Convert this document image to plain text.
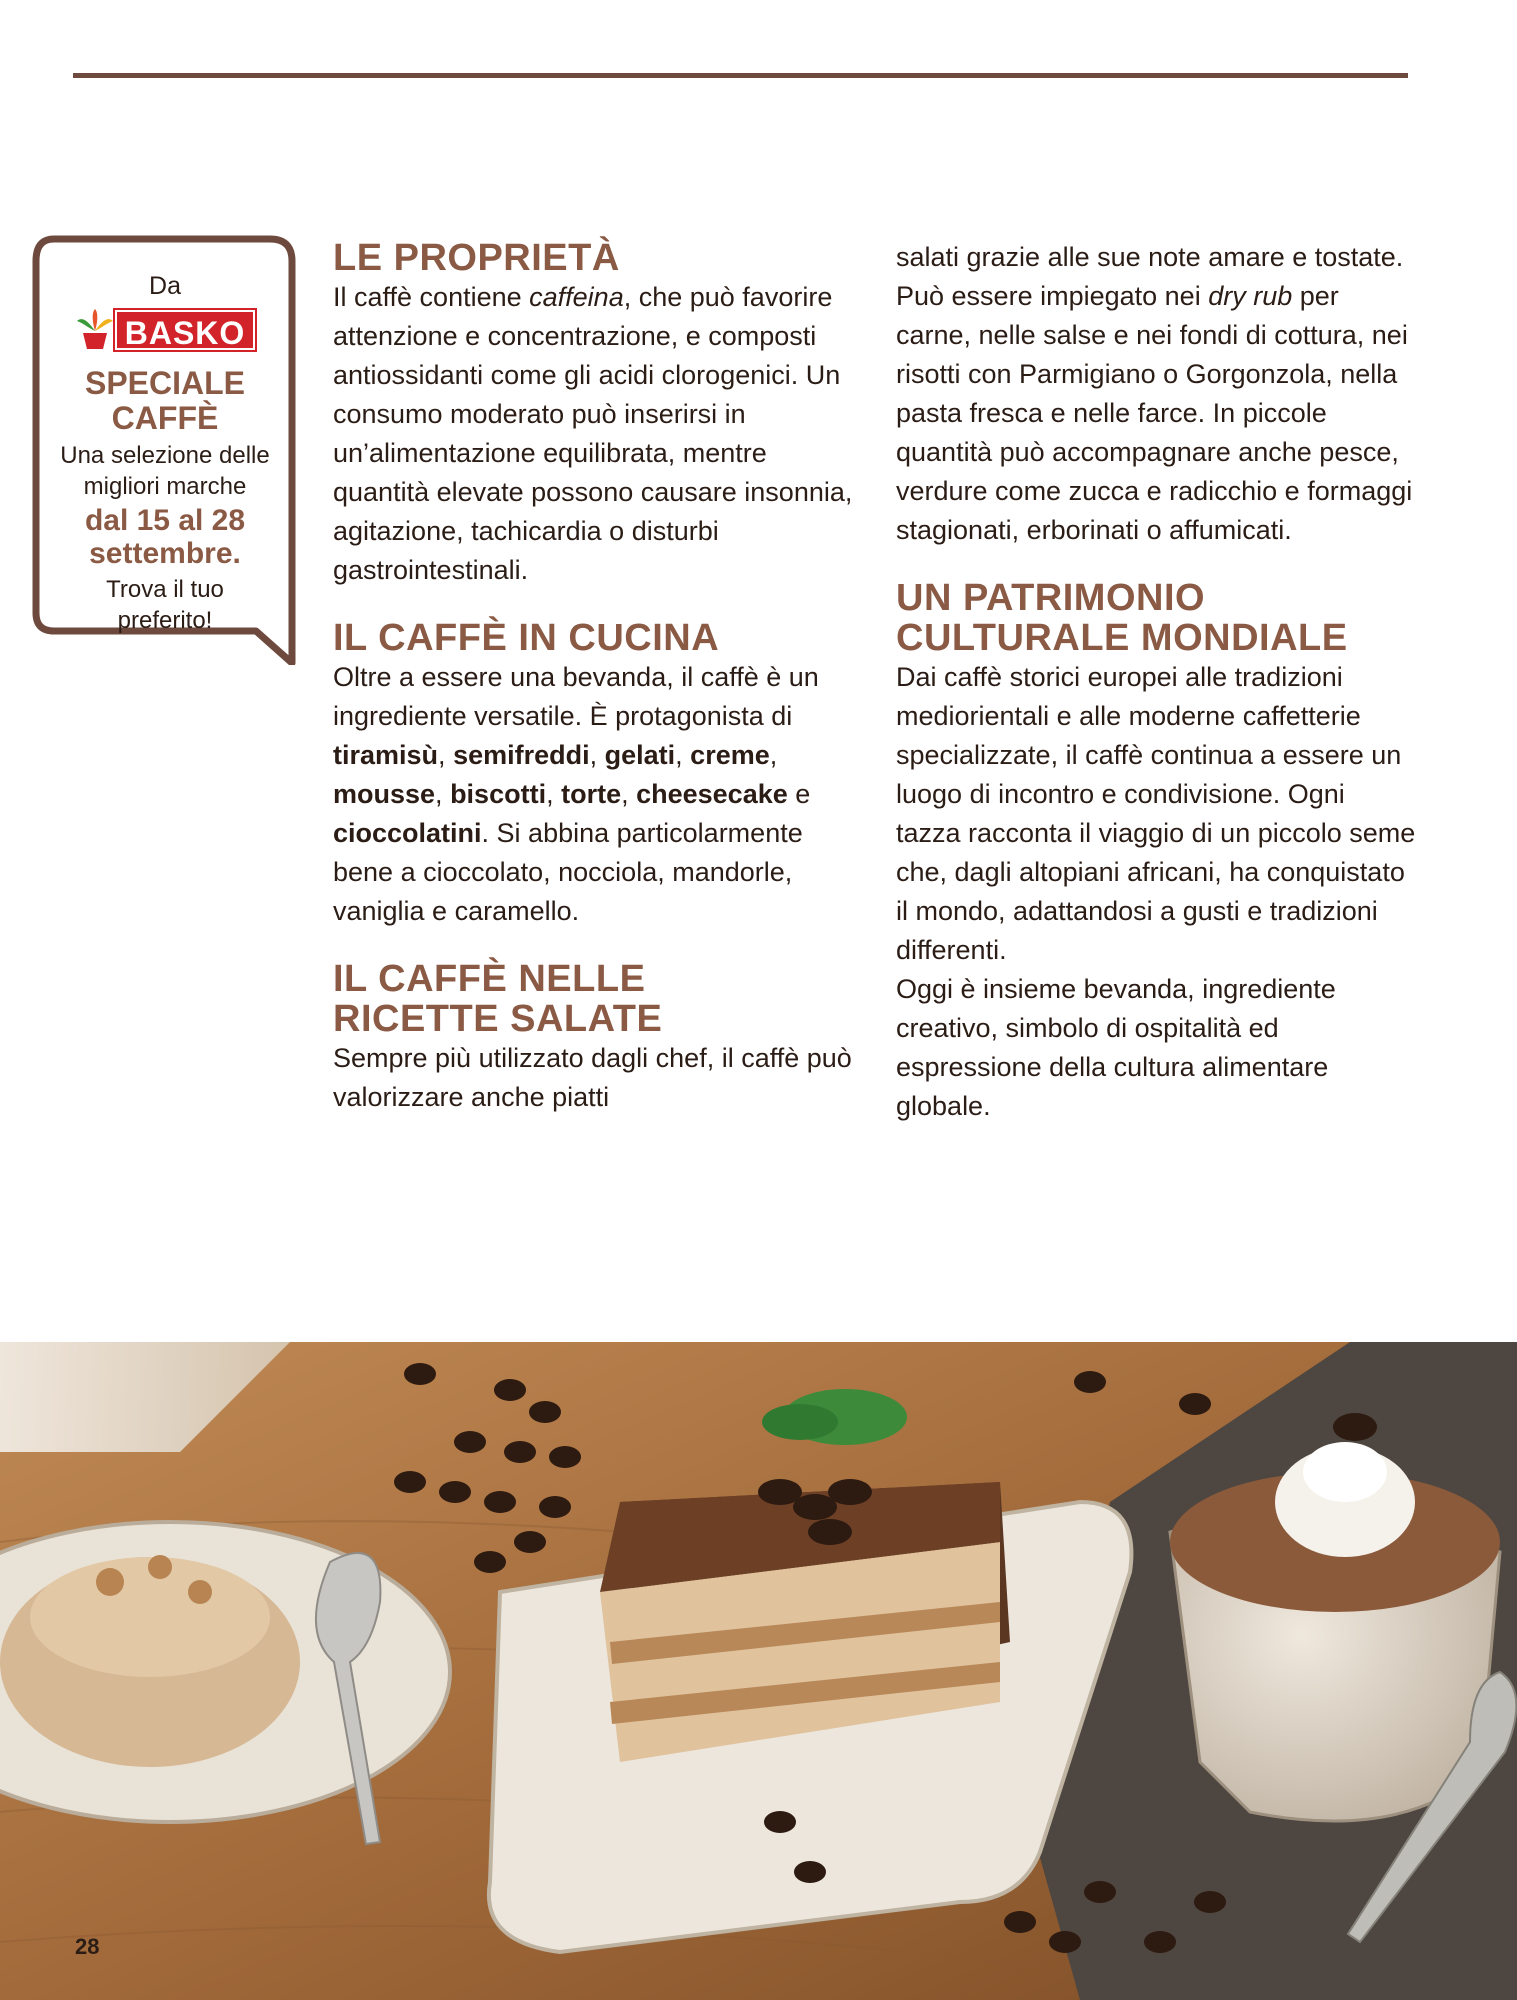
Da
BASKO
SPECIALE
CAFFÈ
Una selezione delle
migliori marche
dal 15 al 28
settembre.
Trova il tuo
preferito!
LE PROPRIETÀ

Il caffè contiene caffeina, che può favorire attenzione e concentrazione, e composti antiossidanti come gli acidi clorogenici. Un consumo moderato può inserirsi in un’alimentazione equilibrata, mentre quantità elevate possono causare insonnia, agitazione, tachicardia o disturbi gastrointestinali.

IL CAFFÈ IN CUCINA

Oltre a essere una bevanda, il caffè è un ingrediente versatile. È protagonista di tiramisù, semifreddi, gelati, creme, mousse, biscotti, torte, cheesecake e cioccolatini. Si abbina particolarmente bene a cioccolato, nocciola, mandorle, vaniglia e caramello.

IL CAFFÈ NELLE
RICETTE SALATE

Sempre più utilizzato dagli chef, il caffè può valorizzare anche piatti

salati grazie alle sue note amare e tostate. Può essere impiegato nei dry rub per carne, nelle salse e nei fondi di cottura, nei risotti con Parmigiano o Gorgonzola, nella pasta fresca e nelle farce. In piccole quantità può accompagnare anche pesce, verdure come zucca e radicchio e formaggi stagionati, erborinati o affumicati.

UN PATRIMONIO
CULTURALE MONDIALE

Dai caffè storici europei alle tradizioni mediorientali e alle moderne caffetterie specializzate, il caffè continua a essere un luogo di incontro e condivisione. Ogni tazza racconta il viaggio di un piccolo seme che, dagli altopiani africani, ha conquistato il mondo, adattandosi a gusti e tradizioni differenti.

Oggi è insieme bevanda, ingrediente creativo, simbolo di ospitalità ed espressione della cultura alimentare globale.

28
